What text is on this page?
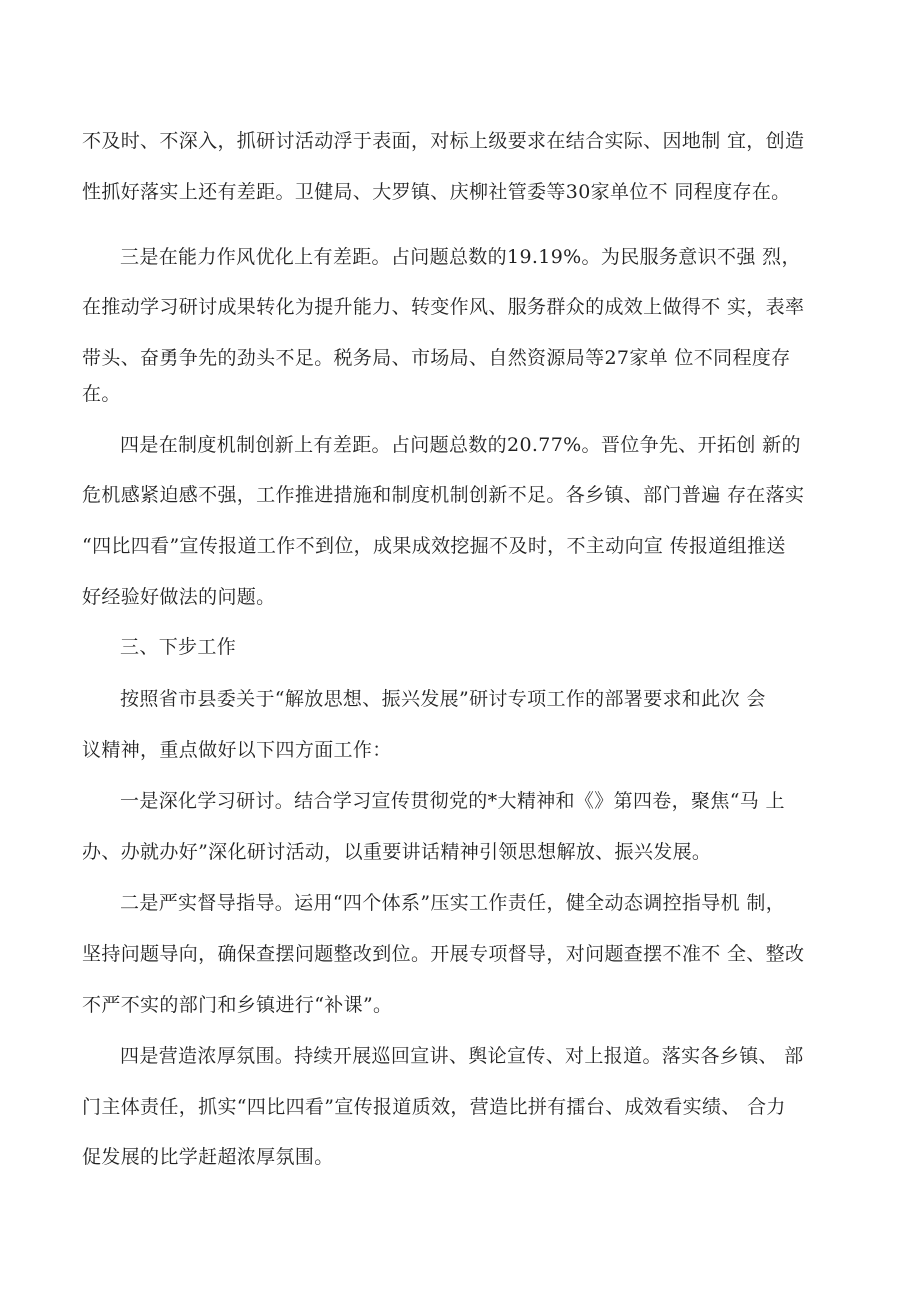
不及时、不深入，抓研讨活动浮于表面，对标上级要求在结合实际、因地制 宜，创造
性抓好落实上还有差距。卫健局、大罗镇、庆柳社管委等30家单位不 同程度存在。
三是在能力作风优化上有差距。占问题总数的19.19%。为民服务意识不强 烈，
在推动学习研讨成果转化为提升能力、转变作风、服务群众的成效上做得不 实，表率
带头、奋勇争先的劲头不足。税务局、市场局、自然资源局等27家单 位不同程度存
在。
四是在制度机制创新上有差距。占问题总数的20.77%。晋位争先、开拓创 新的
危机感紧迫感不强，工作推进措施和制度机制创新不足。各乡镇、部门普遍 存在落实
“四比四看”宣传报道工作不到位，成果成效挖掘不及时，不主动向宣 传报道组推送
好经验好做法的问题。
三、下步工作
按照省市县委关于“解放思想、振兴发展”研讨专项工作的部署要求和此次 会
议精神，重点做好以下四方面工作：
一是深化学习研讨。结合学习宣传贯彻党的*大精神和《》第四卷，聚焦“马 上
办、办就办好”深化研讨活动，以重要讲话精神引领思想解放、振兴发展。
二是严实督导指导。运用“四个体系”压实工作责任，健全动态调控指导机 制，
坚持问题导向，确保查摆问题整改到位。开展专项督导，对问题查摆不准不 全、整改
不严不实的部门和乡镇进行“补课”。
四是营造浓厚氛围。持续开展巡回宣讲、舆论宣传、对上报道。落实各乡镇、 部
门主体责任，抓实“四比四看”宣传报道质效，营造比拼有擂台、成效看实绩、 合力
促发展的比学赶超浓厚氛围。
